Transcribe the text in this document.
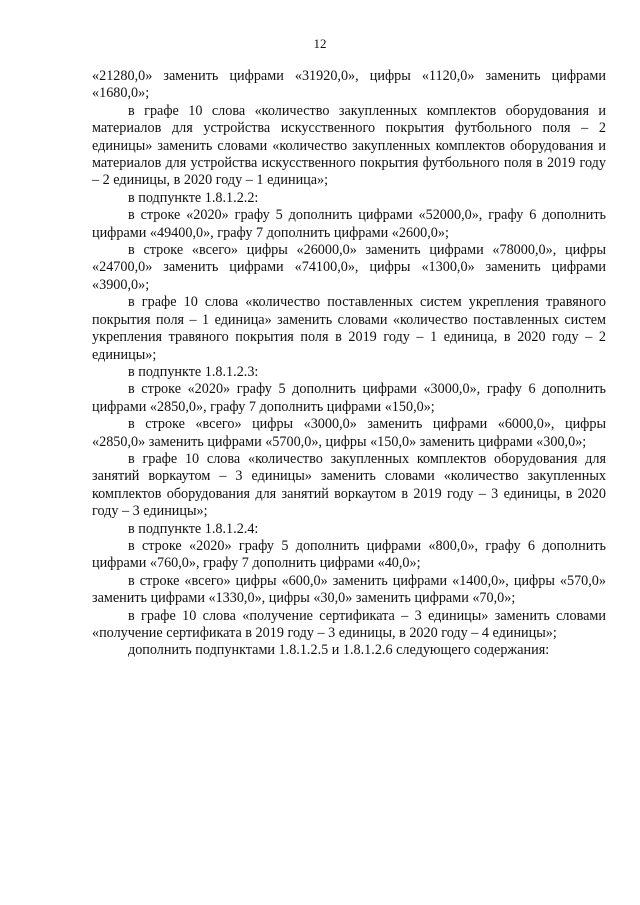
12

«21280,0» заменить цифрами «31920,0», цифры «1120,0» заменить цифрами «1680,0»;

в графе 10 слова «количество закупленных комплектов оборудования и материалов для устройства искусственного покрытия футбольного поля – 2 единицы» заменить словами «количество закупленных комплектов оборудования и материалов для устройства искусственного покрытия футбольного поля в 2019 году – 2 единицы, в 2020 году – 1 единица»;

в подпункте 1.8.1.2.2:

в строке «2020» графу 5 дополнить цифрами «52000,0», графу 6 дополнить цифрами «49400,0», графу 7 дополнить цифрами «2600,0»;

в строке «всего» цифры «26000,0» заменить цифрами «78000,0», цифры «24700,0» заменить цифрами «74100,0», цифры «1300,0» заменить цифрами «3900,0»;

в графе 10 слова «количество поставленных систем укрепления травяного покрытия поля – 1 единица» заменить словами «количество поставленных систем укрепления травяного покрытия поля в 2019 году – 1 единица, в 2020 году – 2 единицы»;

в подпункте 1.8.1.2.3:

в строке «2020» графу 5 дополнить цифрами «3000,0», графу 6 дополнить цифрами «2850,0», графу 7 дополнить цифрами «150,0»;

в строке «всего» цифры «3000,0» заменить цифрами «6000,0», цифры «2850,0» заменить цифрами «5700,0», цифры «150,0» заменить цифрами «300,0»;

в графе 10 слова «количество закупленных комплектов оборудования для занятий воркаутом – 3 единицы» заменить словами «количество закупленных комплектов оборудования для занятий воркаутом в 2019 году – 3 единицы, в 2020 году – 3 единицы»;

в подпункте 1.8.1.2.4:

в строке «2020» графу 5 дополнить цифрами «800,0», графу 6 дополнить цифрами «760,0», графу 7 дополнить цифрами «40,0»;

в строке «всего» цифры «600,0» заменить цифрами «1400,0», цифры «570,0» заменить цифрами «1330,0», цифры «30,0» заменить цифрами «70,0»;

в графе 10 слова «получение сертификата – 3 единицы» заменить словами «получение сертификата в 2019 году – 3 единицы, в 2020 году – 4 единицы»;

дополнить подпунктами 1.8.1.2.5 и 1.8.1.2.6 следующего содержания:
